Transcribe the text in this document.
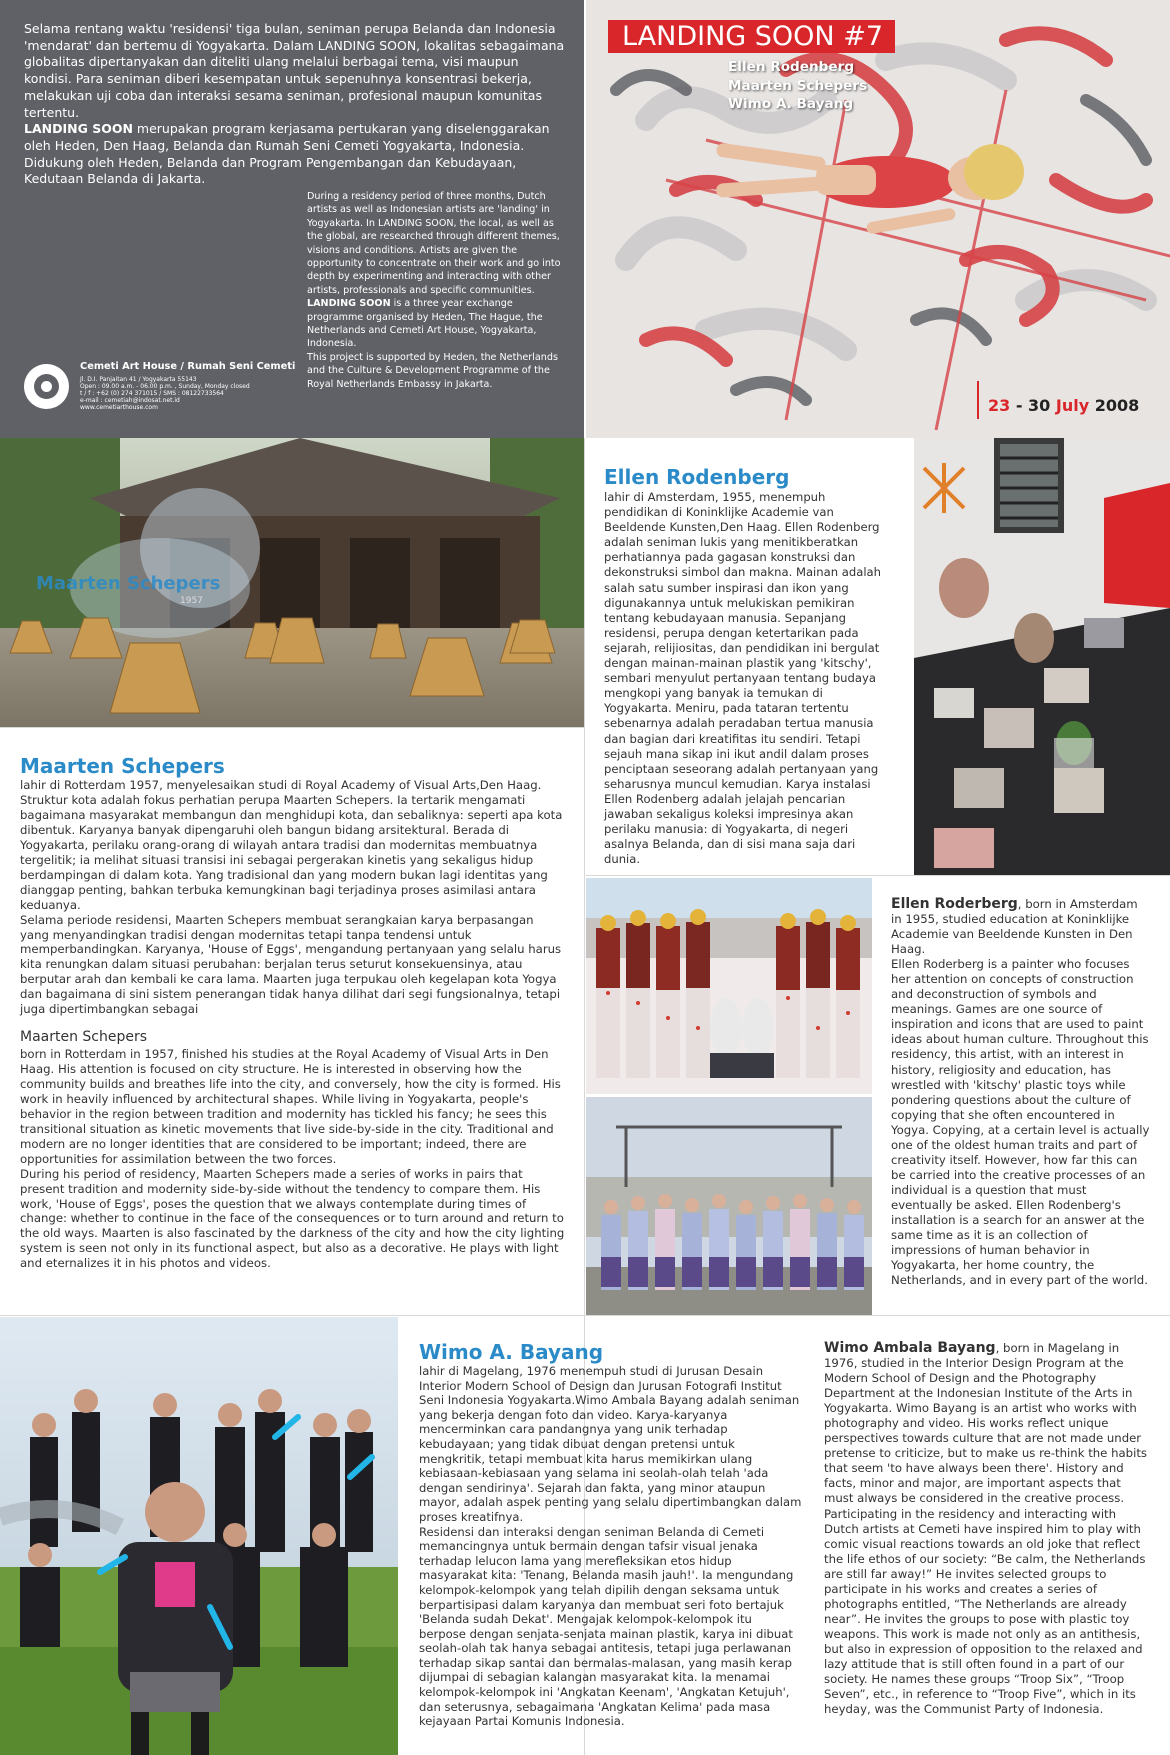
Selama rentang waktu 'residensi' tiga bulan, seniman perupa Belanda dan Indonesia 'mendarat' dan bertemu di Yogyakarta. Dalam LANDING SOON, lokalitas sebagaimana globalitas dipertanyakan dan diteliti ulang melalui berbagai tema, visi maupun kondisi. Para seniman diberi kesempatan untuk sepenuhnya konsentrasi bekerja, melakukan uji coba dan interaksi sesama seniman, profesional maupun komunitas tertentu.

LANDING SOON merupakan program kerjasama pertukaran yang diselenggarakan oleh Heden, Den Haag, Belanda dan Rumah Seni Cemeti Yogyakarta, Indonesia. Didukung oleh Heden, Belanda dan Program Pengembangan dan Kebudayaan, Kedutaan Belanda di Jakarta.

During a residency period of three months, Dutch artists as well as Indonesian artists are 'landing' in Yogyakarta. In LANDING SOON, the local, as well as the global, are researched through different themes, visions and conditions. Artists are given the opportunity to concentrate on their work and go into depth by experimenting and interacting with other artists, professionals and specific communities.

LANDING SOON is a three year exchange programme organised by Heden, The Hague, the Netherlands and Cemeti Art House, Yogyakarta, Indonesia.

This project is supported by Heden, the Netherlands and the Culture & Development Programme of the Royal Netherlands Embassy in Jakarta.

Cemeti Art House / Rumah Seni Cemeti
Jl. D.I. Panjaitan 41 / Yogyakarta 55143
Open : 09.00 a.m. - 06.00 p.m. , Sunday, Monday closed
t / f : +62 (0) 274 371015 / SMS : 08122733564
e-mail : cemetiah@indosat.net.id
www.cemetiarthouse.com
LANDING SOON #7
Ellen Rodenberg
Maarten Schepers
Wimo A. Bayang
23 - 30 July 2008
Maarten Schepers
1957
Ellen Rodenberg
lahir di Amsterdam, 1955, menempuh pendidikan di Koninklijke Academie van Beeldende Kunsten,Den Haag. Ellen Rodenberg adalah seniman lukis yang menitikberatkan perhatiannya pada gagasan konstruksi dan dekonstruksi simbol dan makna. Mainan adalah salah satu sumber inspirasi dan ikon yang digunakannya untuk melukiskan pemikiran tentang kebudayaan manusia. Sepanjang residensi, perupa dengan ketertarikan pada sejarah, relijiositas, dan pendidikan ini bergulat dengan mainan-mainan plastik yang 'kitschy', sembari menyulut pertanyaan tentang budaya mengkopi yang banyak ia temukan di Yogyakarta. Meniru, pada tataran tertentu sebenarnya adalah peradaban tertua manusia dan bagian dari kreatifitas itu sendiri. Tetapi sejauh mana sikap ini ikut andil dalam proses penciptaan seseorang adalah pertanyaan yang seharusnya muncul kemudian. Karya instalasi Ellen Rodenberg adalah jelajah pencarian jawaban sekaligus koleksi impresinya akan perilaku manusia: di Yogyakarta, di negeri asalnya Belanda, dan di sisi mana saja dari dunia.
Maarten Schepers

lahir di Rotterdam 1957, menyelesaikan studi di Royal Academy of Visual Arts,Den Haag. Struktur kota adalah fokus perhatian perupa Maarten Schepers. Ia tertarik mengamati bagaimana masyarakat membangun dan menghidupi kota, dan sebaliknya: seperti apa kota dibentuk. Karyanya banyak dipengaruhi oleh bangun bidang arsitektural. Berada di Yogyakarta, perilaku orang-orang di wilayah antara tradisi dan modernitas membuatnya tergelitik; ia melihat situasi transisi ini sebagai pergerakan kinetis yang sekaligus hidup berdampingan di dalam kota. Yang tradisional dan yang modern bukan lagi identitas yang dianggap penting, bahkan terbuka kemungkinan bagi terjadinya proses asimilasi antara keduanya.

Selama periode residensi, Maarten Schepers membuat serangkaian karya berpasangan yang menyandingkan tradisi dengan modernitas tetapi tanpa tendensi untuk memperbandingkan. Karyanya, 'House of Eggs', mengandung pertanyaan yang selalu harus kita renungkan dalam situasi perubahan: berjalan terus seturut konsekuensinya, atau berputar arah dan kembali ke cara lama. Maarten juga terpukau oleh kegelapan kota Yogya dan bagaimana di sini sistem penerangan tidak hanya dilihat dari segi fungsionalnya, tetapi juga dipertimbangkan sebagai

Maarten Schepers

born in Rotterdam in 1957, finished his studies at the Royal Academy of Visual Arts in Den Haag. His attention is focused on city structure. He is interested in observing how the community builds and breathes life into the city, and conversely, how the city is formed. His work in heavily influenced by architectural shapes. While living in Yogyakarta, people's behavior in the region between tradition and modernity has tickled his fancy; he sees this transitional situation as kinetic movements that live side-by-side in the city. Traditional and modern are no longer identities that are considered to be important; indeed, there are opportunities for assimilation between the two forces.

During his period of residency, Maarten Schepers made a series of works in pairs that present tradition and modernity side-by-side without the tendency to compare them. His work, 'House of Eggs', poses the question that we always contemplate during times of change: whether to continue in the face of the consequences or to turn around and return to the old ways. Maarten is also fascinated by the darkness of the city and how the city lighting system is seen not only in its functional aspect, but also as a decorative. He plays with light and eternalizes it in his photos and videos.

Ellen Roderberg, born in Amsterdam in 1955, studied education at Koninklijke Academie van Beeldende Kunsten in Den Haag.

Ellen Roderberg is a painter who focuses her attention on concepts of construction and deconstruction of symbols and meanings. Games are one source of inspiration and icons that are used to paint ideas about human culture. Throughout this residency, this artist, with an interest in history, religiosity and education, has wrestled with 'kitschy' plastic toys while pondering questions about the culture of copying that she often encountered in Yogya. Copying, at a certain level is actually one of the oldest human traits and part of creativity itself. However, how far this can be carried into the creative processes of an individual is a question that must eventually be asked. Ellen Rodenberg's installation is a search for an answer at the same time as it is an collection of impressions of human behavior in Yogyakarta, her home country, the Netherlands, and in every part of the world.

Wimo A. Bayang

lahir di Magelang, 1976 menempuh studi di Jurusan Desain Interior Modern School of Design dan Jurusan Fotografi Institut Seni Indonesia Yogyakarta.Wimo Ambala Bayang adalah seniman yang bekerja dengan foto dan video. Karya-karyanya mencerminkan cara pandangnya yang unik terhadap kebudayaan; yang tidak dibuat dengan pretensi untuk mengkritik, tetapi membuat kita harus memikirkan ulang kebiasaan-kebiasaan yang selama ini seolah-olah telah 'ada dengan sendirinya'. Sejarah dan fakta, yang minor ataupun mayor, adalah aspek penting yang selalu dipertimbangkan dalam proses kreatifnya.

Residensi dan interaksi dengan seniman Belanda di Cemeti memancingnya untuk bermain dengan tafsir visual jenaka terhadap lelucon lama yang merefleksikan etos hidup masyarakat kita: 'Tenang, Belanda masih jauh!'. Ia mengundang kelompok-kelompok yang telah dipilih dengan seksama untuk berpartisipasi dalam karyanya dan membuat seri foto bertajuk 'Belanda sudah Dekat'. Mengajak kelompok-kelompok itu berpose dengan senjata-senjata mainan plastik, karya ini dibuat seolah-olah tak hanya sebagai antitesis, tetapi juga perlawanan terhadap sikap santai dan bermalas-malasan, yang masih kerap dijumpai di sebagian kalangan masyarakat kita. Ia menamai kelompok-kelompok ini 'Angkatan Keenam', 'Angkatan Ketujuh', dan seterusnya, sebagaimana 'Angkatan Kelima' pada masa kejayaan Partai Komunis Indonesia.

Wimo Ambala Bayang, born in Magelang in 1976, studied in the Interior Design Program at the Modern School of Design and the Photography Department at the Indonesian Institute of the Arts in Yogyakarta. Wimo Bayang is an artist who works with photography and video. His works reflect unique perspectives towards culture that are not made under pretense to criticize, but to make us re-think the habits that seem 'to have always been there'. History and facts, minor and major, are important aspects that must always be considered in the creative process.

Participating in the residency and interacting with Dutch artists at Cemeti have inspired him to play with comic visual reactions towards an old joke that reflect the life ethos of our society: “Be calm, the Netherlands are still far away!” He invites selected groups to participate in his works and creates a series of photographs entitled, “The Netherlands are already near”. He invites the groups to pose with plastic toy weapons. This work is made not only as an antithesis, but also in expression of opposition to the relaxed and lazy attitude that is still often found in a part of our society. He names these groups “Troop Six”, “Troop Seven”, etc., in reference to “Troop Five”, which in its heyday, was the Communist Party of Indonesia.
